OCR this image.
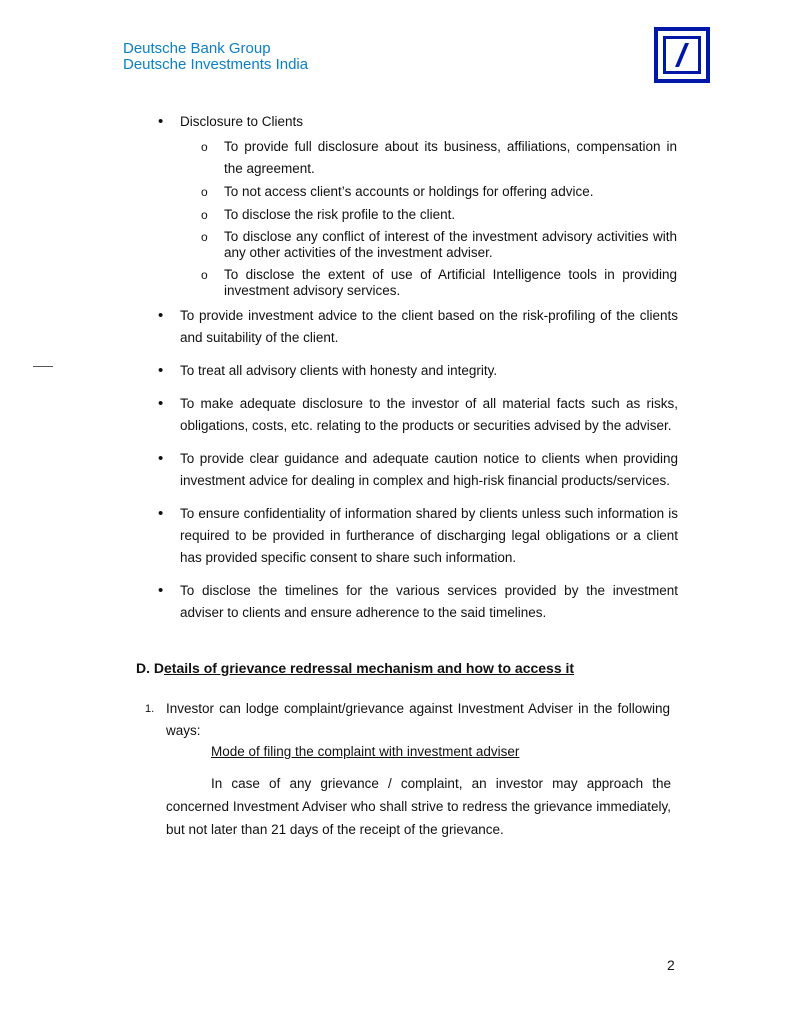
Deutsche Bank Group
Deutsche Investments India
• Disclosure to Clients
o To provide full disclosure about its business, affiliations, compensation in the agreement.
o To not access client’s accounts or holdings for offering advice.
o To disclose the risk profile to the client.
o To disclose any conflict of interest of the investment advisory activities with any other activities of the investment adviser.
o To disclose the extent of use of Artificial Intelligence tools in providing investment advisory services.
• To provide investment advice to the client based on the risk-profiling of the clients and suitability of the client.
• To treat all advisory clients with honesty and integrity.
• To make adequate disclosure to the investor of all material facts such as risks, obligations, costs, etc. relating to the products or securities advised by the adviser.
• To provide clear guidance and adequate caution notice to clients when providing investment advice for dealing in complex and high-risk financial products/services.
• To ensure confidentiality of information shared by clients unless such information is required to be provided in furtherance of discharging legal obligations or a client has provided specific consent to share such information.
• To disclose the timelines for the various services provided by the investment adviser to clients and ensure adherence to the said timelines.
D. Details of grievance redressal mechanism and how to access it
1. Investor can lodge complaint/grievance against Investment Adviser in the following ways:
Mode of filing the complaint with investment adviser
In case of any grievance / complaint, an investor may approach the concerned Investment Adviser who shall strive to redress the grievance immediately, but not later than 21 days of the receipt of the grievance.
2
